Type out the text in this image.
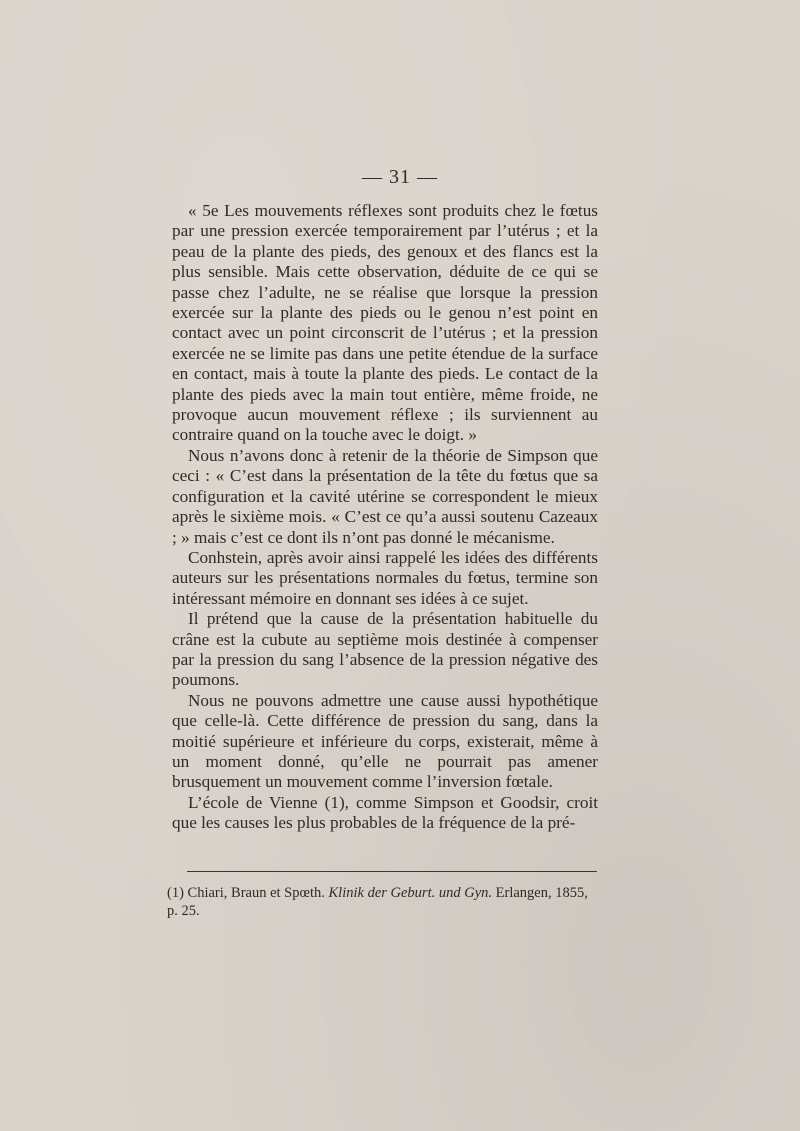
— 31 —

« 5e Les mouvements réflexes sont produits chez le fœtus par une pression exercée temporairement par l’utérus ; et la peau de la plante des pieds, des genoux et des flancs est la plus sensible. Mais cette observation, déduite de ce qui se passe chez l’adulte, ne se réalise que lorsque la pression exercée sur la plante des pieds ou le genou n’est point en contact avec un point circonscrit de l’utérus ; et la pression exercée ne se limite pas dans une petite étendue de la surface en contact, mais à toute la plante des pieds. Le contact de la plante des pieds avec la main tout entière, même froide, ne provoque aucun mouvement réflexe ; ils surviennent au contraire quand on la touche avec le doigt. »

Nous n’avons donc à retenir de la théorie de Simpson que ceci : « C’est dans la présentation de la tête du fœtus que sa configuration et la cavité utérine se correspondent le mieux après le sixième mois. « C’est ce qu’a aussi soutenu Cazeaux ; » mais c’est ce dont ils n’ont pas donné le mécanisme.

Conhstein, après avoir ainsi rappelé les idées des différents auteurs sur les présentations normales du fœtus, termine son intéressant mémoire en donnant ses idées à ce sujet.

Il prétend que la cause de la présentation habituelle du crâne est la cubute au septième mois destinée à compenser par la pression du sang l’absence de la pression négative des poumons.

Nous ne pouvons admettre une cause aussi hypothétique que celle-là. Cette différence de pression du sang, dans la moitié supérieure et inférieure du corps, existerait, même à un moment donné, qu’elle ne pourrait pas amener brusquement un mouvement comme l’inversion fœtale.

L’école de Vienne (1), comme Simpson et Goodsir, croit que les causes les plus probables de la fréquence de la pré-

(1) Chiari, Braun et Spœth. Klinik der Geburt. und Gyn. Erlangen, 1855, p. 25.
